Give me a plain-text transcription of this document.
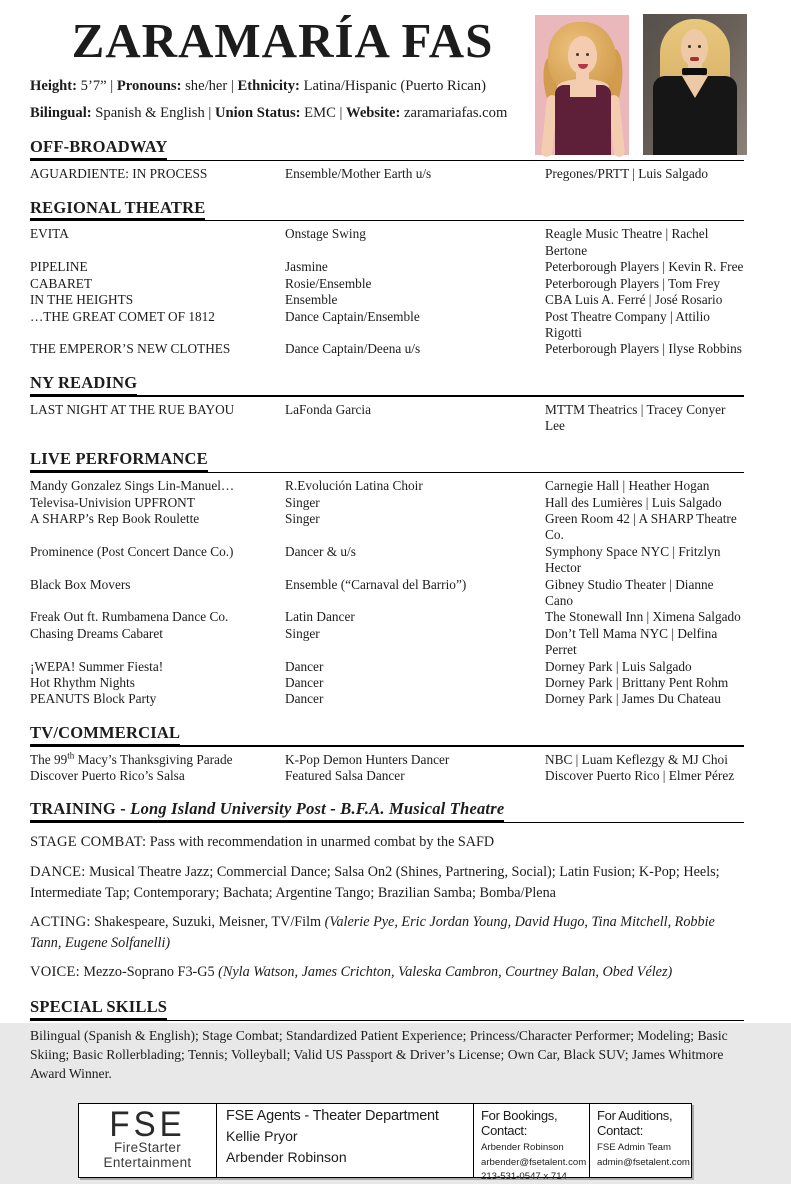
ZARAMARÍA FAS
Height: 5’7” | Pronouns: she/her | Ethnicity: Latina/Hispanic (Puerto Rican)
Bilingual: Spanish & English | Union Status: EMC | Website: zaramariafas.com
OFF-BROADWAY
AGUARDIENTE: IN PROCESS	Ensemble/Mother Earth u/s	Pregones/PRTT | Luis Salgado
REGIONAL THEATRE
EVITA	Onstage Swing	Reagle Music Theatre | Rachel Bertone
PIPELINE	Jasmine	Peterborough Players | Kevin R. Free
CABARET	Rosie/Ensemble	Peterborough Players | Tom Frey
IN THE HEIGHTS	Ensemble	CBA Luis A. Ferré | José Rosario
…THE GREAT COMET OF 1812	Dance Captain/Ensemble	Post Theatre Company | Attilio Rigotti
THE EMPEROR’S NEW CLOTHES	Dance Captain/Deena u/s	Peterborough Players | Ilyse Robbins
NY READING
LAST NIGHT AT THE RUE BAYOU	LaFonda Garcia	MTTM Theatrics | Tracey Conyer Lee
LIVE PERFORMANCE
Mandy Gonzalez Sings Lin-Manuel…	R.Evolución Latina Choir	Carnegie Hall | Heather Hogan
Televisa-Univision UPFRONT	Singer	Hall des Lumières | Luis Salgado
A SHARP’s Rep Book Roulette	Singer	Green Room 42 | A SHARP Theatre Co.
Prominence (Post Concert Dance Co.)	Dancer & u/s	Symphony Space NYC | Fritzlyn Hector
Black Box Movers	Ensemble (“Carnaval del Barrio”)	Gibney Studio Theater | Dianne Cano
Freak Out ft. Rumbamena Dance Co.	Latin Dancer	The Stonewall Inn | Ximena Salgado
Chasing Dreams Cabaret	Singer	Don’t Tell Mama NYC | Delfina Perret
¡WEPA! Summer Fiesta!	Dancer	Dorney Park | Luis Salgado
Hot Rhythm Nights	Dancer	Dorney Park | Brittany Pent Rohm
PEANUTS Block Party	Dancer	Dorney Park | James Du Chateau
TV/COMMERCIAL
The 99th Macy’s Thanksgiving Parade	K-Pop Demon Hunters Dancer	NBC | Luam Keflezgy & MJ Choi
Discover Puerto Rico’s Salsa	Featured Salsa Dancer	Discover Puerto Rico | Elmer Pérez
TRAINING - Long Island University Post - B.F.A. Musical Theatre

STAGE COMBAT: Pass with recommendation in unarmed combat by the SAFD

DANCE: Musical Theatre Jazz; Commercial Dance; Salsa On2 (Shines, Partnering, Social); Latin Fusion; K-Pop; Heels; Intermediate Tap; Contemporary; Bachata; Argentine Tango; Brazilian Samba; Bomba/Plena

ACTING: Shakespeare, Suzuki, Meisner, TV/Film (Valerie Pye, Eric Jordan Young, David Hugo, Tina Mitchell, Robbie Tann, Eugene Solfanelli)

VOICE: Mezzo-Soprano F3-G5 (Nyla Watson, James Crichton, Valeska Cambron, Courtney Balan, Obed Vélez)

SPECIAL SKILLS
Bilingual (Spanish & English); Stage Combat; Standardized Patient Experience; Princess/Character Performer; Modeling; Basic Skiing; Basic Rollerblading; Tennis; Volleyball; Valid US Passport & Driver’s License; Own Car, Black SUV; James Whitmore Award Winner.
FSE
FireStarter
Entertainment
FSE Agents - Theater Department
Kellie Pryor
Arbender Robinson
For Bookings, Contact:
Arbender Robinson
arbender@fsetalent.com
213-531-0547 x 714
For Auditions, Contact:
FSE Admin Team
admin@fsetalent.com
